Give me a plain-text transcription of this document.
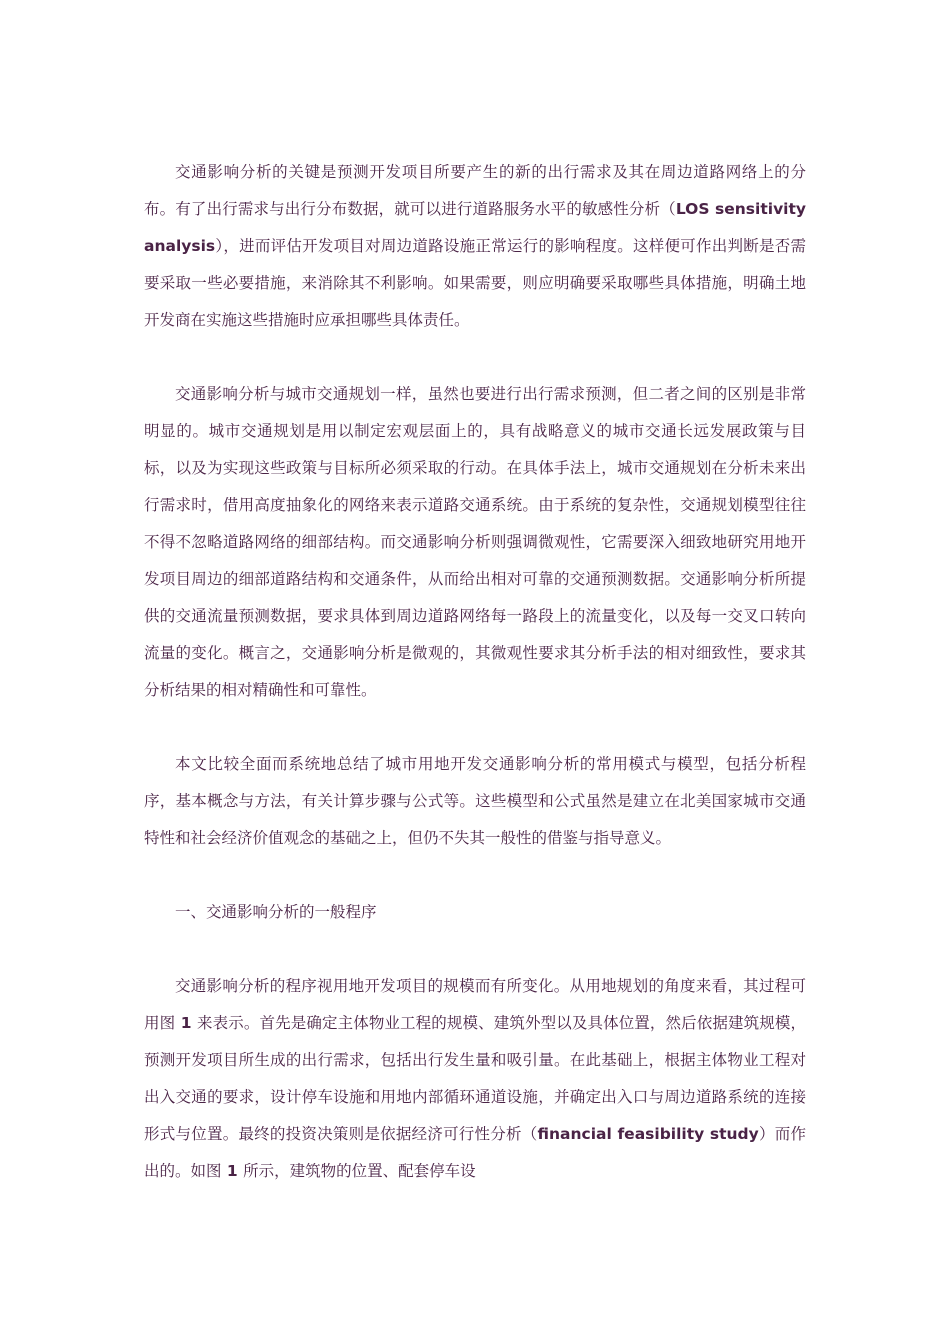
交通影响分析的关键是预测开发项目所要产生的新的出行需求及其在周边道路网络上的分布。有了出行需求与出行分布数据，就可以进行道路服务水平的敏感性分析（LOS sensitivity analysis），进而评估开发项目对周边道路设施正常运行的影响程度。这样便可作出判断是否需要采取一些必要措施，来消除其不利影响。如果需要，则应明确要采取哪些具体措施，明确土地开发商在实施这些措施时应承担哪些具体责任。

交通影响分析与城市交通规划一样，虽然也要进行出行需求预测，但二者之间的区别是非常明显的。城市交通规划是用以制定宏观层面上的，具有战略意义的城市交通长远发展政策与目标，以及为实现这些政策与目标所必须采取的行动。在具体手法上，城市交通规划在分析未来出行需求时，借用高度抽象化的网络来表示道路交通系统。由于系统的复杂性，交通规划模型往往不得不忽略道路网络的细部结构。而交通影响分析则强调微观性，它需要深入细致地研究用地开发项目周边的细部道路结构和交通条件，从而给出相对可靠的交通预测数据。交通影响分析所提供的交通流量预测数据，要求具体到周边道路网络每一路段上的流量变化，以及每一交叉口转向流量的变化。概言之，交通影响分析是微观的，其微观性要求其分析手法的相对细致性，要求其分析结果的相对精确性和可靠性。

本文比较全面而系统地总结了城市用地开发交通影响分析的常用模式与模型，包括分析程序，基本概念与方法，有关计算步骤与公式等。这些模型和公式虽然是建立在北美国家城市交通特性和社会经济价值观念的基础之上，但仍不失其一般性的借鉴与指导意义。

一、交通影响分析的一般程序

交通影响分析的程序视用地开发项目的规模而有所变化。从用地规划的角度来看，其过程可用图 1 来表示。首先是确定主体物业工程的规模、建筑外型以及具体位置，然后依据建筑规模，预测开发项目所生成的出行需求，包括出行发生量和吸引量。在此基础上，根据主体物业工程对出入交通的要求，设计停车设施和用地内部循环通道设施，并确定出入口与周边道路系统的连接形式与位置。最终的投资决策则是依据经济可行性分析（financial feasibility study）而作出的。如图 1 所示，建筑物的位置、配套停车设
